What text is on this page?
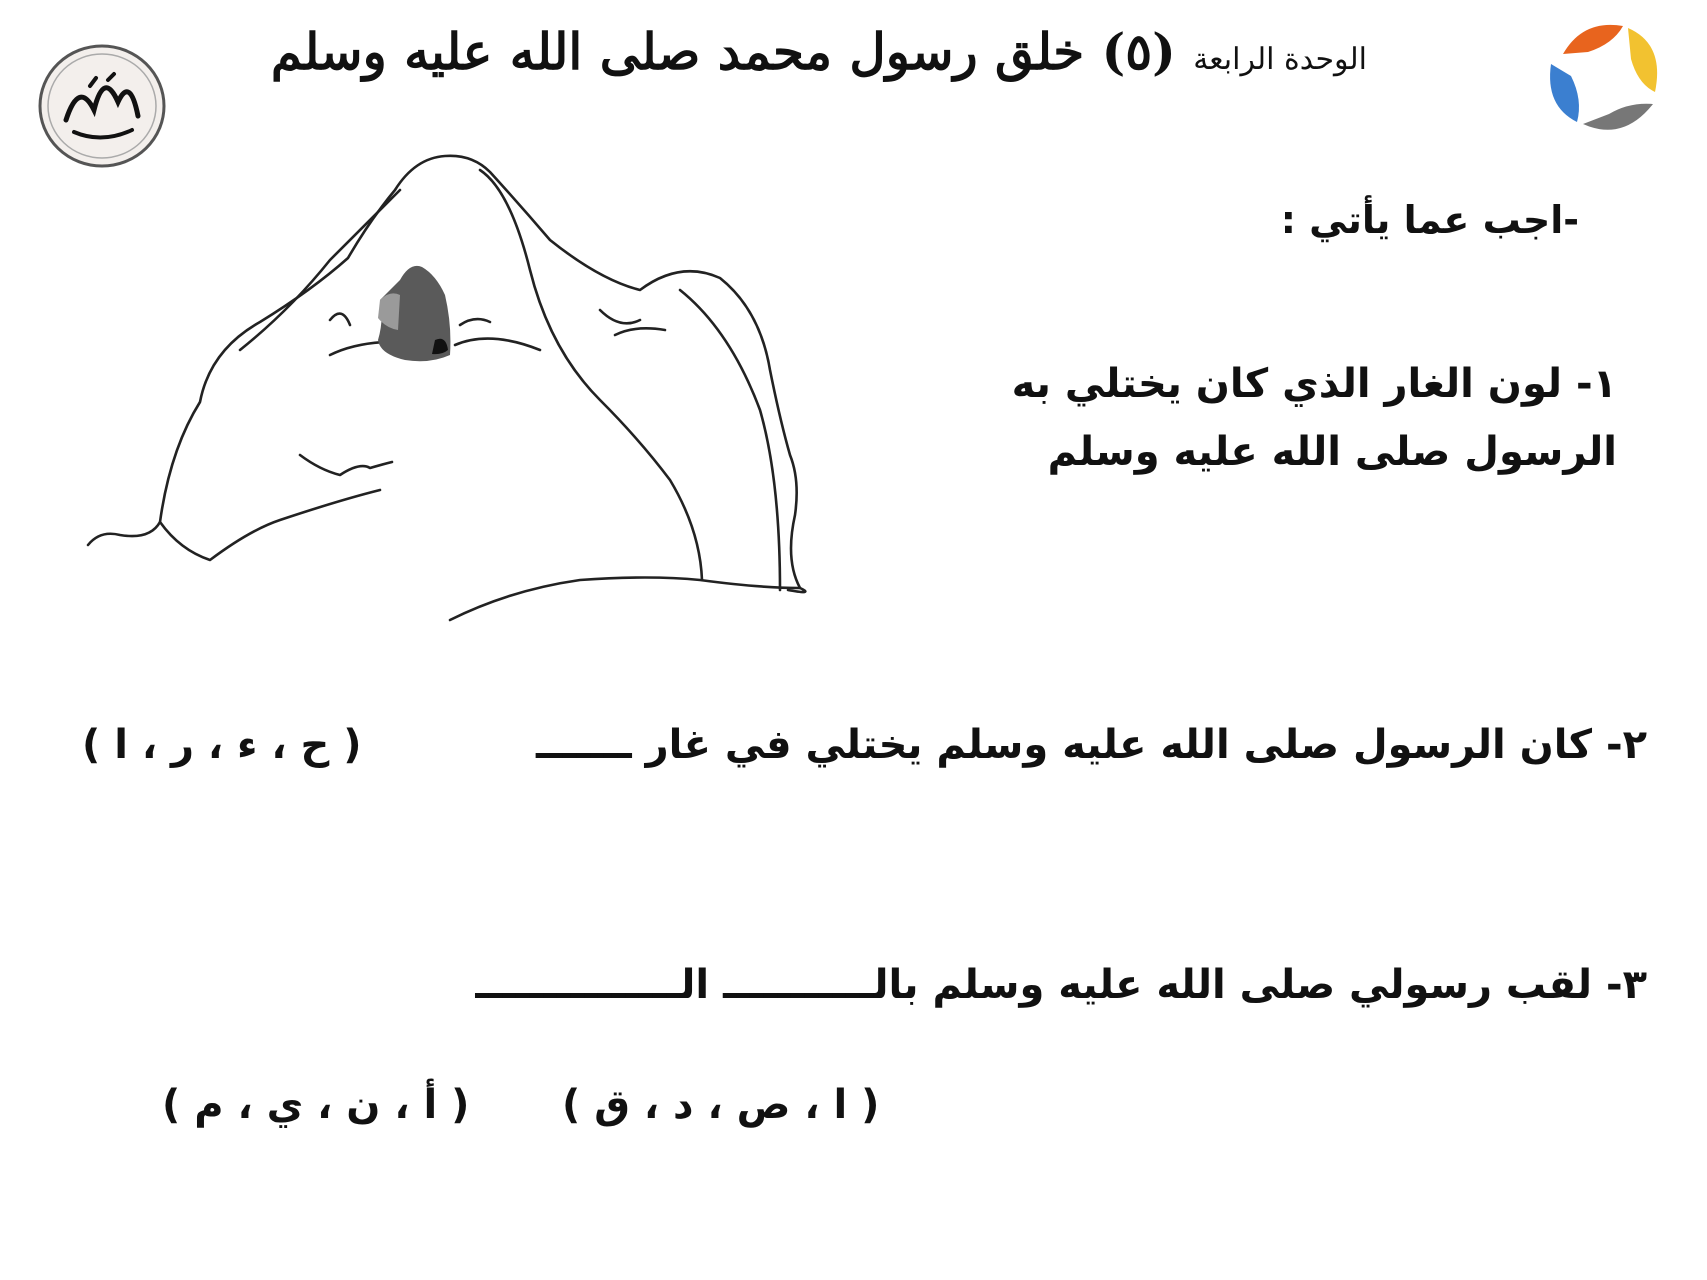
الوحدة الرابعة (٥) خلق رسول محمد صلى الله عليه وسلم
-اجب عما يأتي :
١- لون الغار الذي كان يختلي به
الرسول صلى الله عليه وسلم
٢- كان الرسول صلى الله عليه وسلم يختلي في غار ـــــــ
( ح ، ء ، ر ، ا )
٣- لقب رسولي صلى الله عليه وسلم بالـــــــــــ الـــــــــــــــ
( ا ، ص ، د ، ق )
( أ ، ن ، ي ، م )
